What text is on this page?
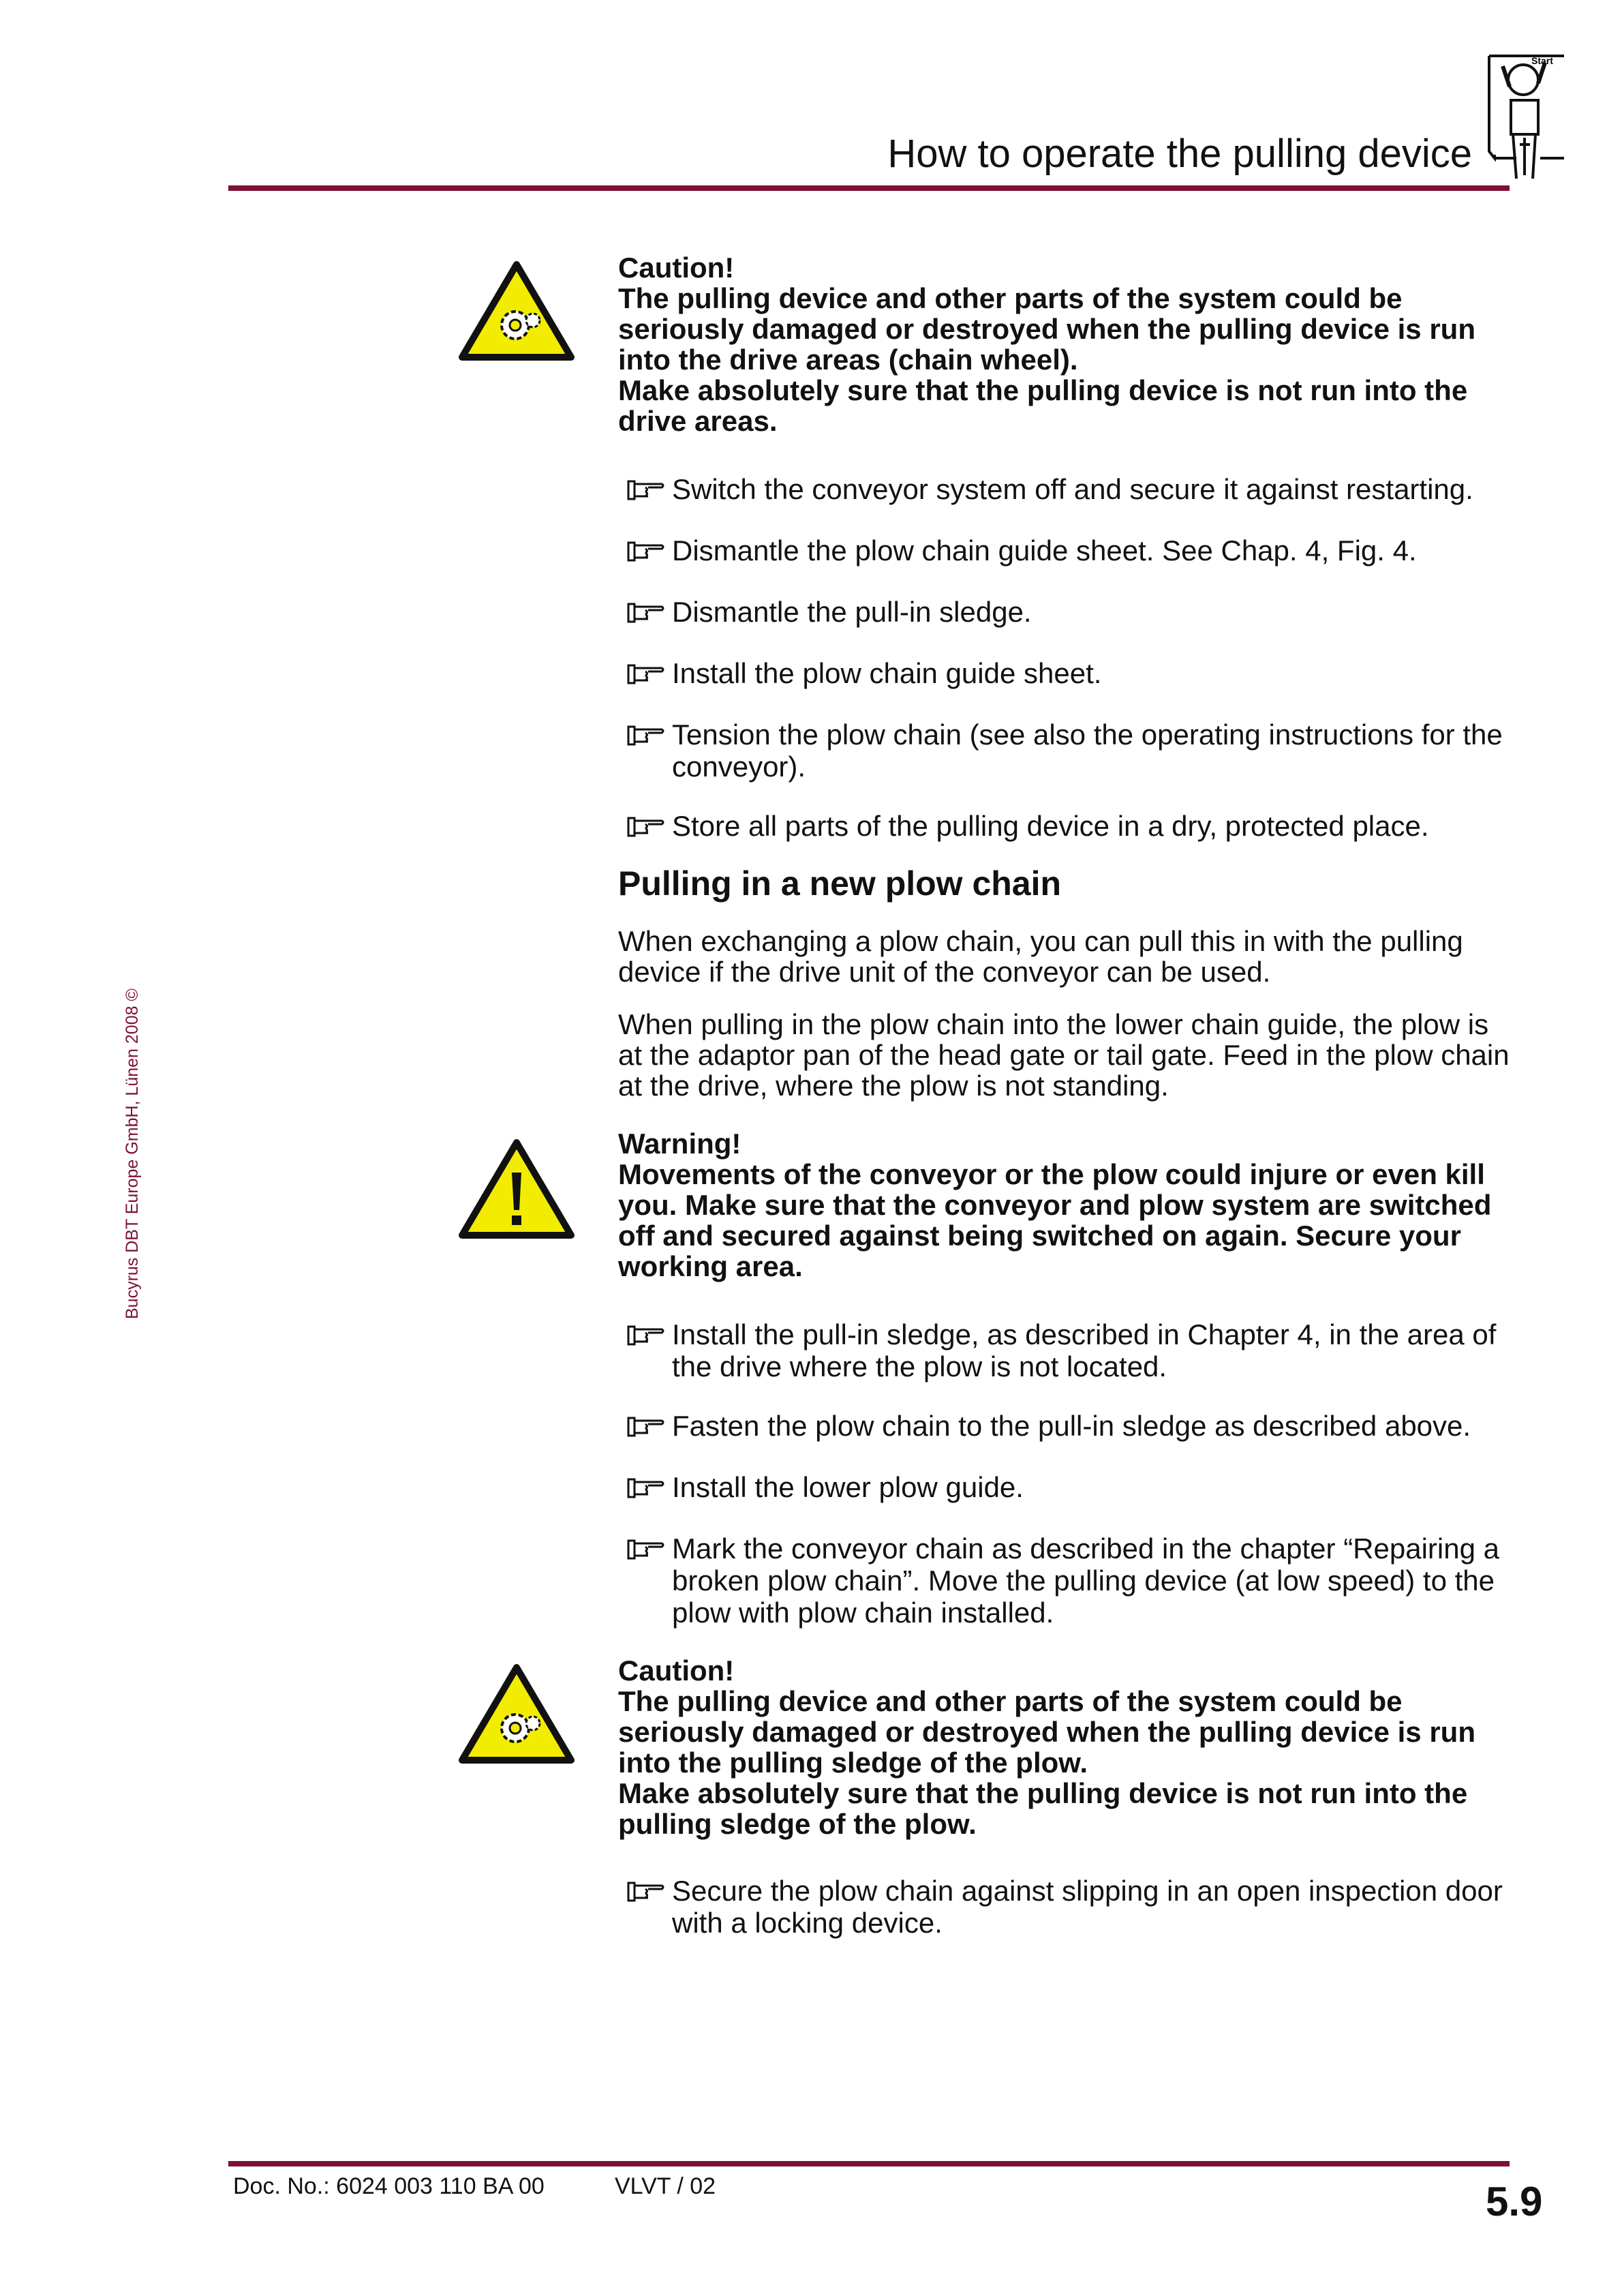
How to operate the pulling device
Start
Bucyrus DBT Europe GmbH, Lünen 2008 ©
Caution!
The pulling device and other parts of the system could be seriously damaged or destroyed when the pulling device is run into the drive areas (chain wheel).
Make absolutely sure that the pulling device is not run into the drive areas.
Switch the conveyor system off and secure it against restarting.
Dismantle the plow chain guide sheet. See Chap. 4, Fig. 4.
Dismantle the pull-in sledge.
Install the plow chain guide sheet.
Tension the plow chain (see also the operating instructions for the conveyor).
Store all parts of the pulling device in a dry, protected place.
Pulling in a new plow chain
When exchanging a plow chain, you can pull this in with the pulling device if the drive unit of the conveyor can be used.
When pulling in the plow chain into the lower chain guide, the plow is at the adaptor pan of the head gate or tail gate. Feed in the plow chain at the drive, where the plow is not standing.
Warning!
Movements of the conveyor or the plow could injure or even kill you. Make sure that the conveyor and plow system are switched off and secured against being switched on again. Secure your working area.
Install the pull-in sledge, as described in Chapter 4, in the area of the drive where the plow is not located.
Fasten the plow chain to the pull-in sledge as described above.
Install the lower plow guide.
Mark the conveyor chain as described in the chapter “Repairing a broken plow chain”. Move the pulling device (at low speed) to the plow with plow chain installed.
Caution!
The pulling device and other parts of the system could be seriously damaged or destroyed when the pulling device is run into the pulling sledge of the plow.
Make absolutely sure that the pulling device is not run into the pulling sledge of the plow.
Secure the plow chain against slipping in an open inspection door with a locking device.
Doc. No.: 6024 003 110 BA 00	VLVT / 02	5.9
